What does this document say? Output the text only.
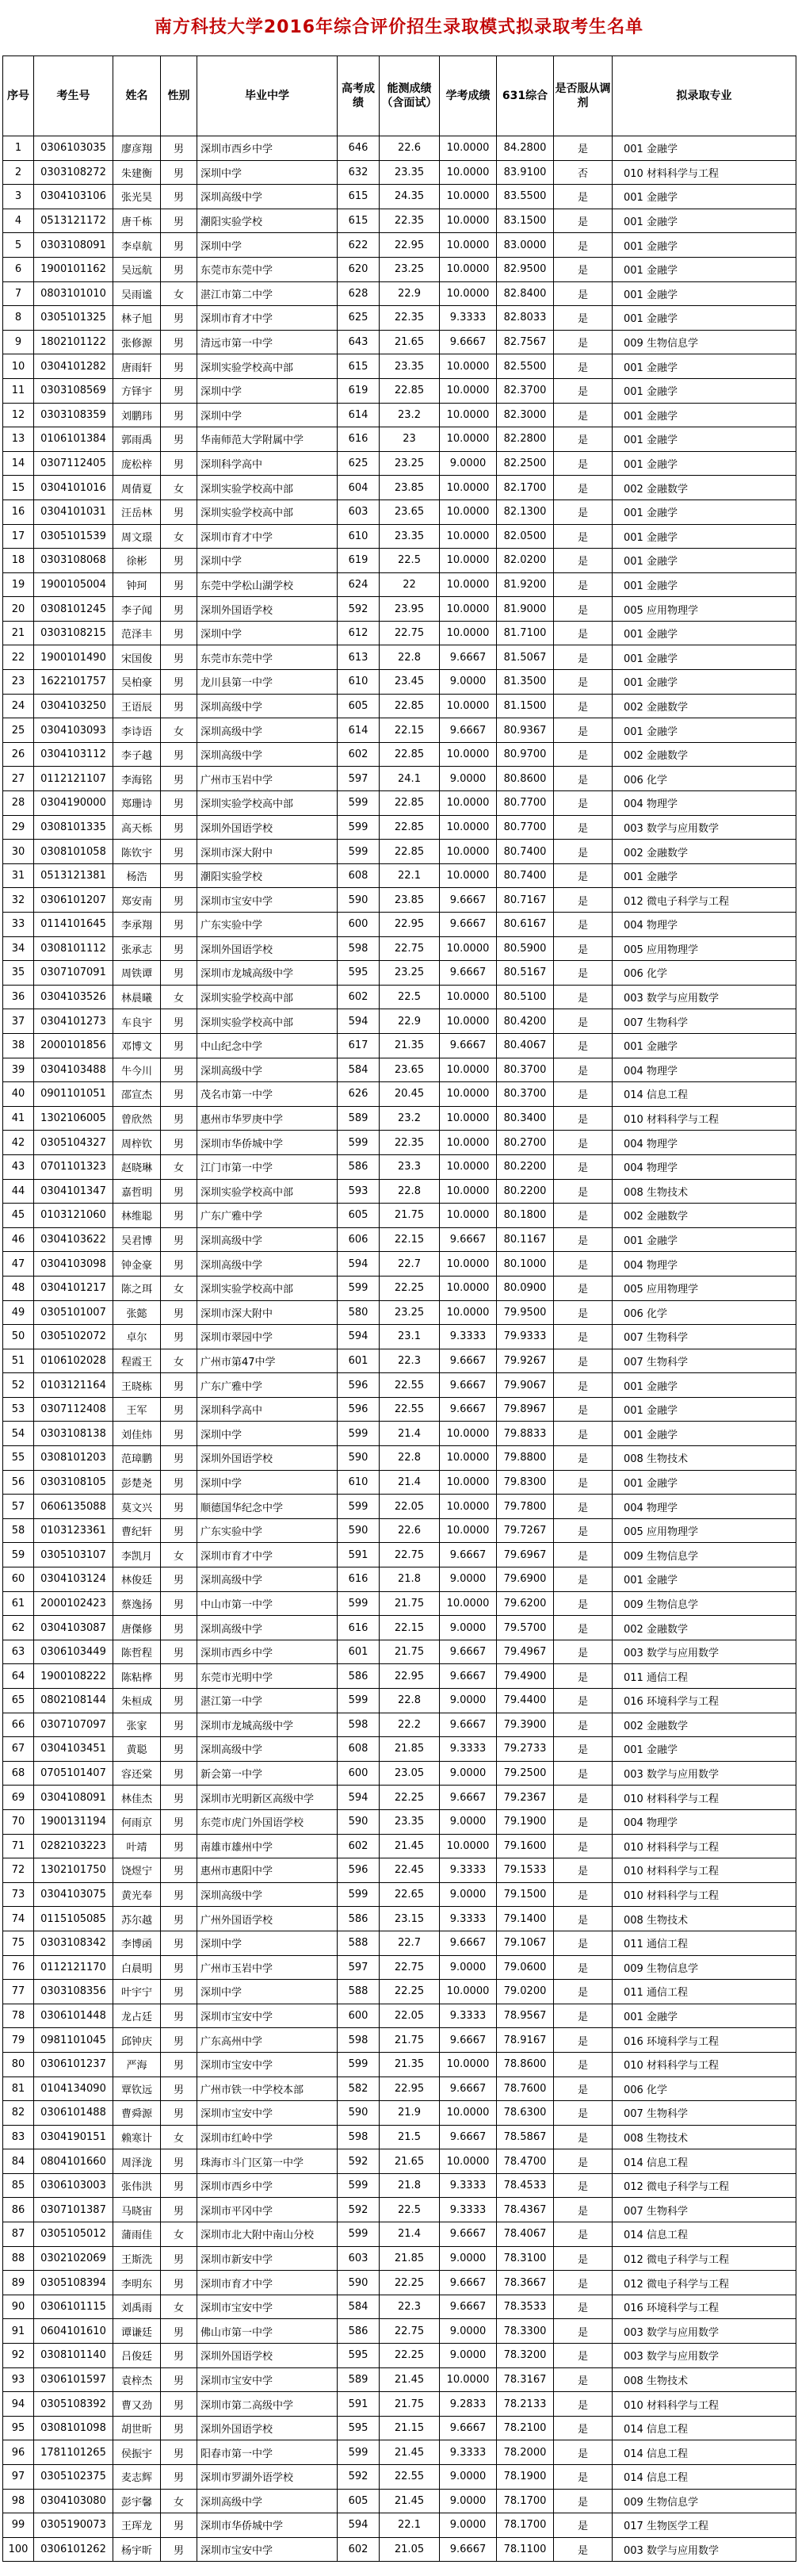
南方科技大学2016年综合评价招生录取模式拟录取考生名单
序号	考生号	姓名	性别	毕业中学	高考成绩	能测成绩（含面试）	学考成绩	631综合	是否服从调剂	拟录取专业
1	0306103035	廖彦翔	男	深圳市西乡中学	646	22.6	10.0000	84.2800	是	001 金融学
2	0303108272	朱建衡	男	深圳中学	632	23.35	10.0000	83.9100	否	010 材料科学与工程
3	0304103106	张光昊	男	深圳高级中学	615	24.35	10.0000	83.5500	是	001 金融学
4	0513121172	唐千栋	男	潮阳实验学校	615	22.35	10.0000	83.1500	是	001 金融学
5	0303108091	李卓航	男	深圳中学	622	22.95	10.0000	83.0000	是	001 金融学
6	1900101162	吴远航	男	东莞市东莞中学	620	23.25	10.0000	82.9500	是	001 金融学
7	0803101010	吴雨谧	女	湛江市第二中学	628	22.9	10.0000	82.8400	是	001 金融学
8	0305101325	林子旭	男	深圳市育才中学	625	22.35	9.3333	82.8033	是	001 金融学
9	1802101122	张修源	男	清远市第一中学	643	21.65	9.6667	82.7567	是	009 生物信息学
10	0304101282	唐雨轩	男	深圳实验学校高中部	615	23.35	10.0000	82.5500	是	001 金融学
11	0303108569	方铎宇	男	深圳中学	619	22.85	10.0000	82.3700	是	001 金融学
12	0303108359	刘鹏玮	男	深圳中学	614	23.2	10.0000	82.3000	是	001 金融学
13	0106101384	郭雨禹	男	华南师范大学附属中学	616	23	10.0000	82.2800	是	001 金融学
14	0307112405	庞松梓	男	深圳科学高中	625	23.25	9.0000	82.2500	是	001 金融学
15	0304101016	周倩夏	女	深圳实验学校高中部	604	23.85	10.0000	82.1700	是	002 金融数学
16	0304101031	汪岳林	男	深圳实验学校高中部	603	23.65	10.0000	82.1300	是	001 金融学
17	0305101539	周文璟	女	深圳市育才中学	610	23.35	10.0000	82.0500	是	001 金融学
18	0303108068	徐彬	男	深圳中学	619	22.5	10.0000	82.0200	是	001 金融学
19	1900105004	钟珂	男	东莞中学松山湖学校	624	22	10.0000	81.9200	是	001 金融学
20	0308101245	李子闻	男	深圳外国语学校	592	23.95	10.0000	81.9000	是	005 应用物理学
21	0303108215	范泽丰	男	深圳中学	612	22.75	10.0000	81.7100	是	001 金融学
22	1900101490	宋国俊	男	东莞市东莞中学	613	22.8	9.6667	81.5067	是	001 金融学
23	1622101757	吴柏豪	男	龙川县第一中学	610	23.45	9.0000	81.3500	是	001 金融学
24	0304103250	王语辰	男	深圳高级中学	605	22.85	10.0000	81.1500	是	002 金融数学
25	0304103093	李诗语	女	深圳高级中学	614	22.15	9.6667	80.9367	是	001 金融学
26	0304103112	李子越	男	深圳高级中学	602	22.85	10.0000	80.9700	是	002 金融数学
27	0112121107	李海铭	男	广州市玉岩中学	597	24.1	9.0000	80.8600	是	006 化学
28	0304190000	郑珊诗	男	深圳实验学校高中部	599	22.85	10.0000	80.7700	是	004 物理学
29	0308101335	高天栎	男	深圳外国语学校	599	22.85	10.0000	80.7700	是	003 数学与应用数学
30	0308101058	陈钦宇	男	深圳市深大附中	599	22.85	10.0000	80.7400	是	002 金融数学
31	0513121381	杨浩	男	潮阳实验学校	608	22.1	10.0000	80.7400	是	001 金融学
32	0306101207	郑安南	男	深圳市宝安中学	590	23.85	9.6667	80.7167	是	012 微电子科学与工程
33	0114101645	李承翔	男	广东实验中学	600	22.95	9.6667	80.6167	是	004 物理学
34	0308101112	张承志	男	深圳外国语学校	598	22.75	10.0000	80.5900	是	005 应用物理学
35	0307107091	周铁谭	男	深圳市龙城高级中学	595	23.25	9.6667	80.5167	是	006 化学
36	0304103526	林晨曦	女	深圳实验学校高中部	602	22.5	10.0000	80.5100	是	003 数学与应用数学
37	0304101273	车良宇	男	深圳实验学校高中部	594	22.9	10.0000	80.4200	是	007 生物科学
38	2000101856	邓博文	男	中山纪念中学	617	21.35	9.6667	80.4067	是	001 金融学
39	0304103488	牛今川	男	深圳高级中学	584	23.65	10.0000	80.3700	是	004 物理学
40	0901101051	邵宣杰	男	茂名市第一中学	626	20.45	10.0000	80.3700	是	014 信息工程
41	1302106005	曾欣然	男	惠州市华罗庚中学	589	23.2	10.0000	80.3400	是	010 材料科学与工程
42	0305104327	周梓钦	男	深圳市华侨城中学	599	22.35	10.0000	80.2700	是	004 物理学
43	0701101323	赵晓琳	女	江门市第一中学	586	23.3	10.0000	80.2200	是	004 物理学
44	0304101347	嘉哲明	男	深圳实验学校高中部	593	22.8	10.0000	80.2200	是	008 生物技术
45	0103121060	林维聪	男	广东广雅中学	605	21.75	10.0000	80.1800	是	002 金融数学
46	0304103622	吴君博	男	深圳高级中学	606	22.15	9.6667	80.1167	是	001 金融学
47	0304103098	钟金豪	男	深圳高级中学	594	22.7	10.0000	80.1000	是	004 物理学
48	0304101217	陈之珥	女	深圳实验学校高中部	599	22.25	10.0000	80.0900	是	005 应用物理学
49	0305101007	张懿	男	深圳市深大附中	580	23.25	10.0000	79.9500	是	006 化学
50	0305102072	卓尔	男	深圳市翠园中学	594	23.1	9.3333	79.9333	是	007 生物科学
51	0106102028	程霞王	女	广州市第47中学	601	22.3	9.6667	79.9267	是	007 生物科学
52	0103121164	王晓栋	男	广东广雅中学	596	22.55	9.6667	79.9067	是	001 金融学
53	0307112408	王军	男	深圳科学高中	596	22.55	9.6667	79.8967	是	001 金融学
54	0303108138	刘佳炜	男	深圳中学	599	21.4	10.0000	79.8833	是	001 金融学
55	0308101203	范璋鹏	男	深圳外国语学校	590	22.8	10.0000	79.8800	是	008 生物技术
56	0303108105	彭楚尧	男	深圳中学	610	21.4	10.0000	79.8300	是	001 金融学
57	0606135088	莫文兴	男	顺德国华纪念中学	599	22.05	10.0000	79.7800	是	004 物理学
58	0103123361	曹纪轩	男	广东实验中学	590	22.6	10.0000	79.7267	是	005 应用物理学
59	0305103107	李凯月	女	深圳市育才中学	591	22.75	9.6667	79.6967	是	009 生物信息学
60	0304103124	林俊廷	男	深圳高级中学	616	21.8	9.0000	79.6900	是	001 金融学
61	2000102423	蔡逸扬	男	中山市第一中学	599	21.75	10.0000	79.6200	是	009 生物信息学
62	0304103087	唐傑修	男	深圳高级中学	616	22.15	9.0000	79.5700	是	002 金融数学
63	0306103449	陈哲程	男	深圳市西乡中学	601	21.75	9.6667	79.4967	是	003 数学与应用数学
64	1900108222	陈粘桦	男	东莞市光明中学	586	22.95	9.6667	79.4900	是	011 通信工程
65	0802108144	朱桓成	男	湛江第一中学	599	22.8	9.0000	79.4400	是	016 环境科学与工程
66	0307107097	张家	男	深圳市龙城高级中学	598	22.2	9.6667	79.3900	是	002 金融数学
67	0304103451	黄聪	男	深圳高级中学	608	21.85	9.3333	79.2733	是	001 金融学
68	0705101407	容还棠	男	新会第一中学	600	23.05	9.0000	79.2500	是	003 数学与应用数学
69	0304108091	林佳杰	男	深圳市光明新区高级中学	594	22.25	9.6667	79.2367	是	010 材料科学与工程
70	1900131194	何雨京	男	东莞市虎门外国语学校	590	23.35	9.0000	79.1900	是	004 物理学
71	0282103223	叶靖	男	南雄市雄州中学	602	21.45	10.0000	79.1600	是	010 材料科学与工程
72	1302101750	饶煜宁	男	惠州市惠阳中学	596	22.45	9.3333	79.1533	是	010 材料科学与工程
73	0304103075	黄光奉	男	深圳高级中学	599	22.65	9.0000	79.1500	是	010 材料科学与工程
74	0115105085	苏尔越	男	广州外国语学校	586	23.15	9.3333	79.1400	是	008 生物技术
75	0303108342	李博函	男	深圳中学	588	22.7	9.6667	79.1067	是	011 通信工程
76	0112121170	白晨明	男	广州市玉岩中学	597	22.75	9.0000	79.0600	是	009 生物信息学
77	0303108356	叶宇宁	男	深圳中学	588	22.25	10.0000	79.0200	是	011 通信工程
78	0306101448	龙占廷	男	深圳市宝安中学	600	22.05	9.3333	78.9567	是	001 金融学
79	0981101045	邱钟庆	男	广东高州中学	598	21.75	9.6667	78.9167	是	016 环境科学与工程
80	0306101237	严海	男	深圳市宝安中学	599	21.35	10.0000	78.8600	是	010 材料科学与工程
81	0104134090	覃钦远	男	广州市铁一中学校本部	582	22.95	9.6667	78.7600	是	006 化学
82	0306101488	曹舜源	男	深圳市宝安中学	590	21.9	10.0000	78.6300	是	007 生物科学
83	0304190151	赖寒计	女	深圳市红岭中学	598	21.5	9.6667	78.5867	是	008 生物技术
84	0804101660	周泽泷	男	珠海市斗门区第一中学	592	21.65	10.0000	78.4700	是	014 信息工程
85	0306103003	张伟洪	男	深圳市西乡中学	599	21.8	9.3333	78.4533	是	012 微电子科学与工程
86	0307101387	马晓宙	男	深圳市平冈中学	592	22.5	9.3333	78.4367	是	007 生物科学
87	0305105012	蒲雨佳	女	深圳市北大附中南山分校	599	21.4	9.6667	78.4067	是	014 信息工程
88	0302102069	王斯洗	男	深圳市新安中学	603	21.85	9.0000	78.3100	是	012 微电子科学与工程
89	0305108394	李明东	男	深圳市育才中学	590	22.25	9.6667	78.3667	是	012 微电子科学与工程
90	0306101115	刘禹雨	女	深圳市宝安中学	584	22.3	9.6667	78.3533	是	016 环境科学与工程
91	0604101610	谭谦廷	男	佛山市第一中学	586	22.75	9.0000	78.3300	是	003 数学与应用数学
92	0308101140	吕俊廷	男	深圳外国语学校	595	22.25	9.0000	78.3200	是	003 数学与应用数学
93	0306101597	袁梓杰	男	深圳市宝安中学	589	21.45	10.0000	78.3167	是	008 生物技术
94	0305108392	曹又劲	男	深圳市第二高级中学	591	21.75	9.2833	78.2133	是	010 材料科学与工程
95	0308101098	胡世昕	男	深圳外国语学校	595	21.15	9.6667	78.2100	是	014 信息工程
96	1781101265	侯振宇	男	阳春市第一中学	599	21.45	9.3333	78.2000	是	014 信息工程
97	0305102375	麦志辉	男	深圳市罗湖外语学校	592	22.55	9.0000	78.1900	是	014 信息工程
98	0304103080	彭宇馨	女	深圳高级中学	605	21.45	9.0000	78.1700	是	009 生物信息学
99	0305190073	王珲龙	男	深圳市华侨城中学	594	22.1	9.0000	78.1700	是	017 生物医学工程
100	0306101262	杨宇昕	男	深圳市宝安中学	602	21.05	9.6667	78.1100	是	003 数学与应用数学
